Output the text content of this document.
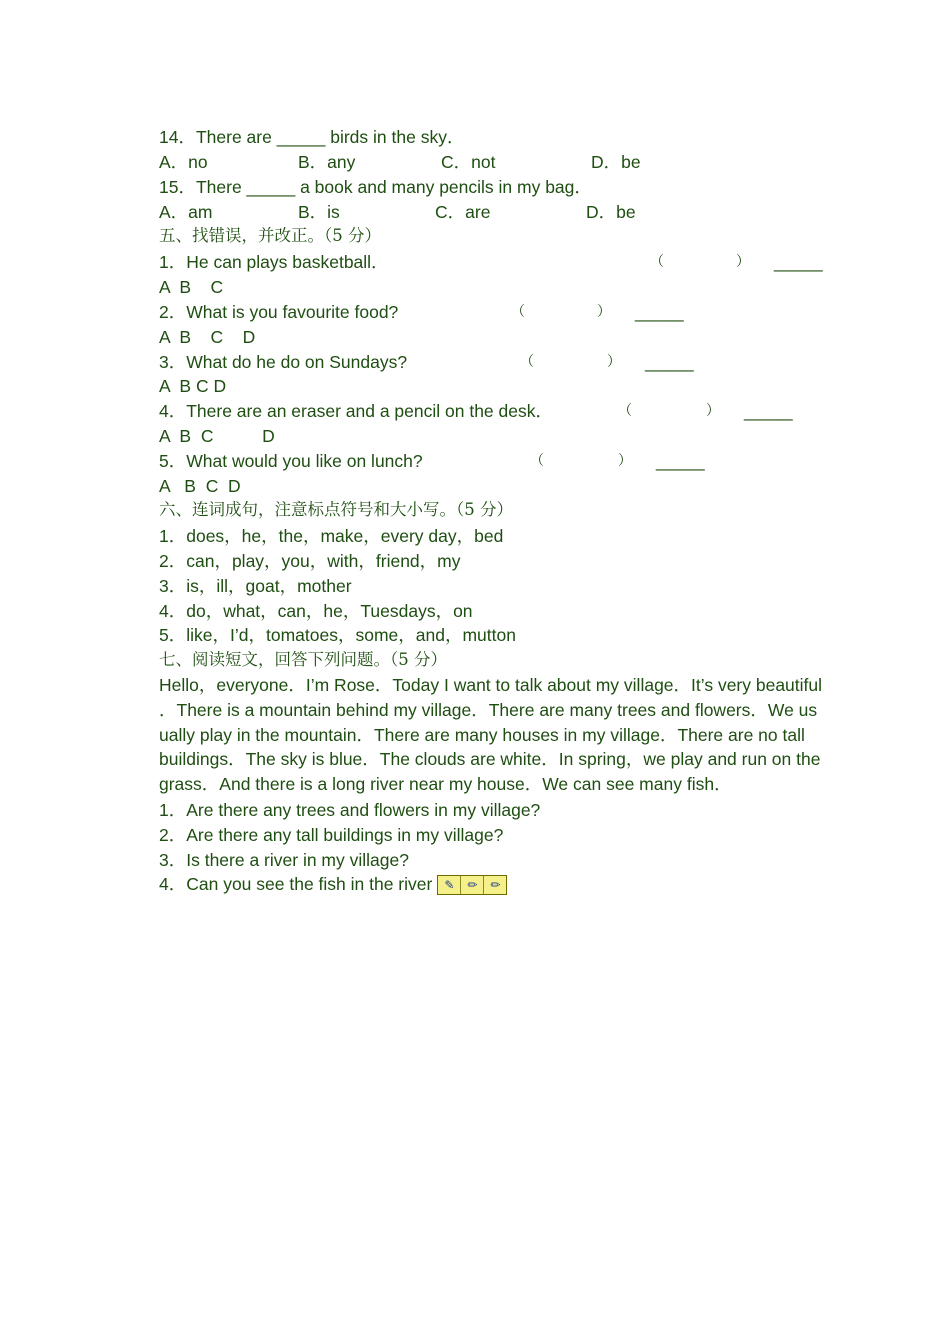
14．There are _____ birds in the sky．
A．no	B．any	C．not	D．be
15．There _____ a book and many pencils in my bag．
A．am	B．is	C．are	D．be
五、找错误，并改正。（5 分）
1．He can plays basketball．	（	） _____
A  B    C
2．What is you favourite food?	（	） _____
A  B    C    D
3．What do he do on Sundays?	（	） _____
A  B C D
4．There are an eraser and a pencil on the desk．	（	） _____
A  B  C          D
5．What would you like on lunch?	（	） _____
A   B  C  D
六、连词成句，注意标点符号和大小写。（5 分）
1．does，he，the，make，every day，bed
2．can，play，you，with，friend，my
3．is，ill，goat，mother
4．do，what，can，he，Tuesdays，on
5．like，I’d，tomatoes，some，and，mutton
七、阅读短文，回答下列问题。（5 分）
Hello，everyone．I’m Rose．Today I want to talk about my village．It’s very beautiful
．There is a mountain behind my village．There are many trees and flowers．We us
ually play in the mountain．There are many houses in my village．There are no tall
buildings．The sky is blue．The clouds are white．In spring，we play and run on the
grass．And there is a long river near my house．We can see many fish．
1．Are there any trees and flowers in my village?
2．Are there any tall buildings in my village?
3．Is there a river in my village?
4．Can you see the fish in the river ✎	✏	✏
